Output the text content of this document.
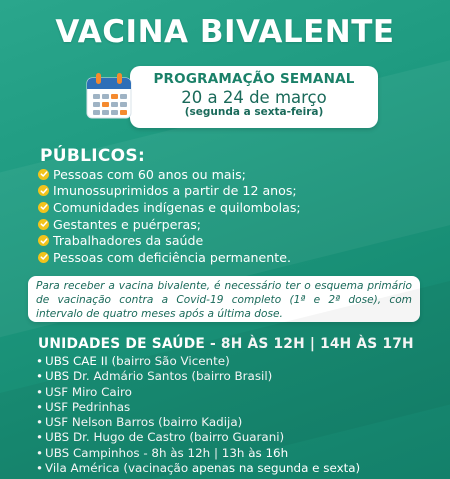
VACINA BIVALENTE
PROGRAMAÇÃO SEMANAL
20 a 24 de março
(segunda a sexta-feira)
PÚBLICOS:
Pessoas com 60 anos ou mais;
Imunossuprimidos a partir de 12 anos;
Comunidades indígenas e quilombolas;
Gestantes e puérperas;
Trabalhadores da saúde
Pessoas com deficiência permanente.
Para receber a vacina bivalente, é necessário ter o esquema primário de vacinação contra a Covid-19 completo (1ª e 2ª dose), com intervalo de quatro meses após a última dose.
UNIDADES DE SAÚDE - 8H ÀS 12H | 14H ÀS 17H
• UBS CAE II (bairro São Vicente)
• UBS Dr. Admário Santos (bairro Brasil)
• USF Miro Cairo
• USF Pedrinhas
• USF Nelson Barros (bairro Kadija)
• UBS Dr. Hugo de Castro (bairro Guarani)
• UBS Campinhos - 8h às 12h | 13h às 16h
• Vila América (vacinação apenas na segunda e sexta)
